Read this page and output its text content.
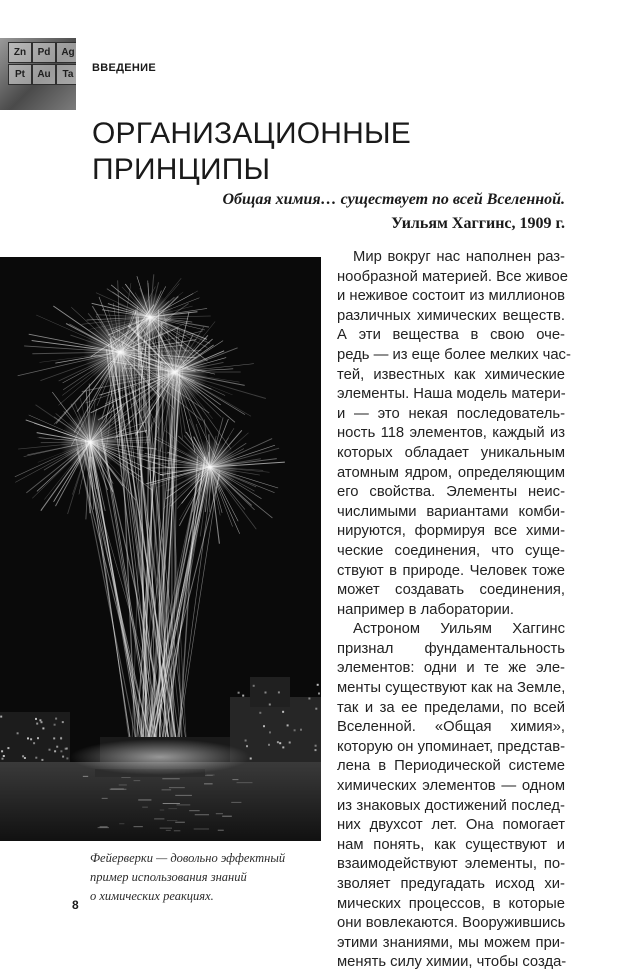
Zn	Pd	Ag
Pt	Au	Ta
ВВЕДЕНИЕ
ОРГАНИЗАЦИОННЫЕ
ПРИНЦИПЫ
Общая химия… существует по всей Вселенной.
Уильям Хаггинс, 1909 г.
Фейерверки — довольно эффектный
пример использования знаний
о химических реакциях.
Мир вокруг нас наполнен раз-
нообразной материей. Все живое
и неживое состоит из миллионов
различных химических веществ.
А эти вещества в свою оче-
редь — из еще более мелких час-
тей, известных как химические
элементы. Наша модель матери-
и — это некая последователь-
ность 118 элементов, каждый из
которых обладает уникальным
атомным ядром, определяющим
его свойства. Элементы неис-
числимыми вариантами комби-
нируются, формируя все хими-
ческие соединения, что суще-
ствуют в природе. Человек тоже
может создавать соединения,
например в лаборатории.
Астроном Уильям Хаггинс
признал фундаментальность
элементов: одни и те же элe-
менты существуют как на Земле,
так и за ее пределами, по всей
Вселенной. «Общая химия»,
которую он упоминает, представ-
лена в Периодической системе
химических элементов — одном
из знаковых достижений послед-
них двухсот лет. Она помогает
нам понять, как существуют и
взаимодействуют элементы, по-
зволяет предугадать исход хи-
мических процессов, в которые
они вовлекаются. Вооружившись
этими знаниями, мы можем при-
менять силу химии, чтобы созда-
8
